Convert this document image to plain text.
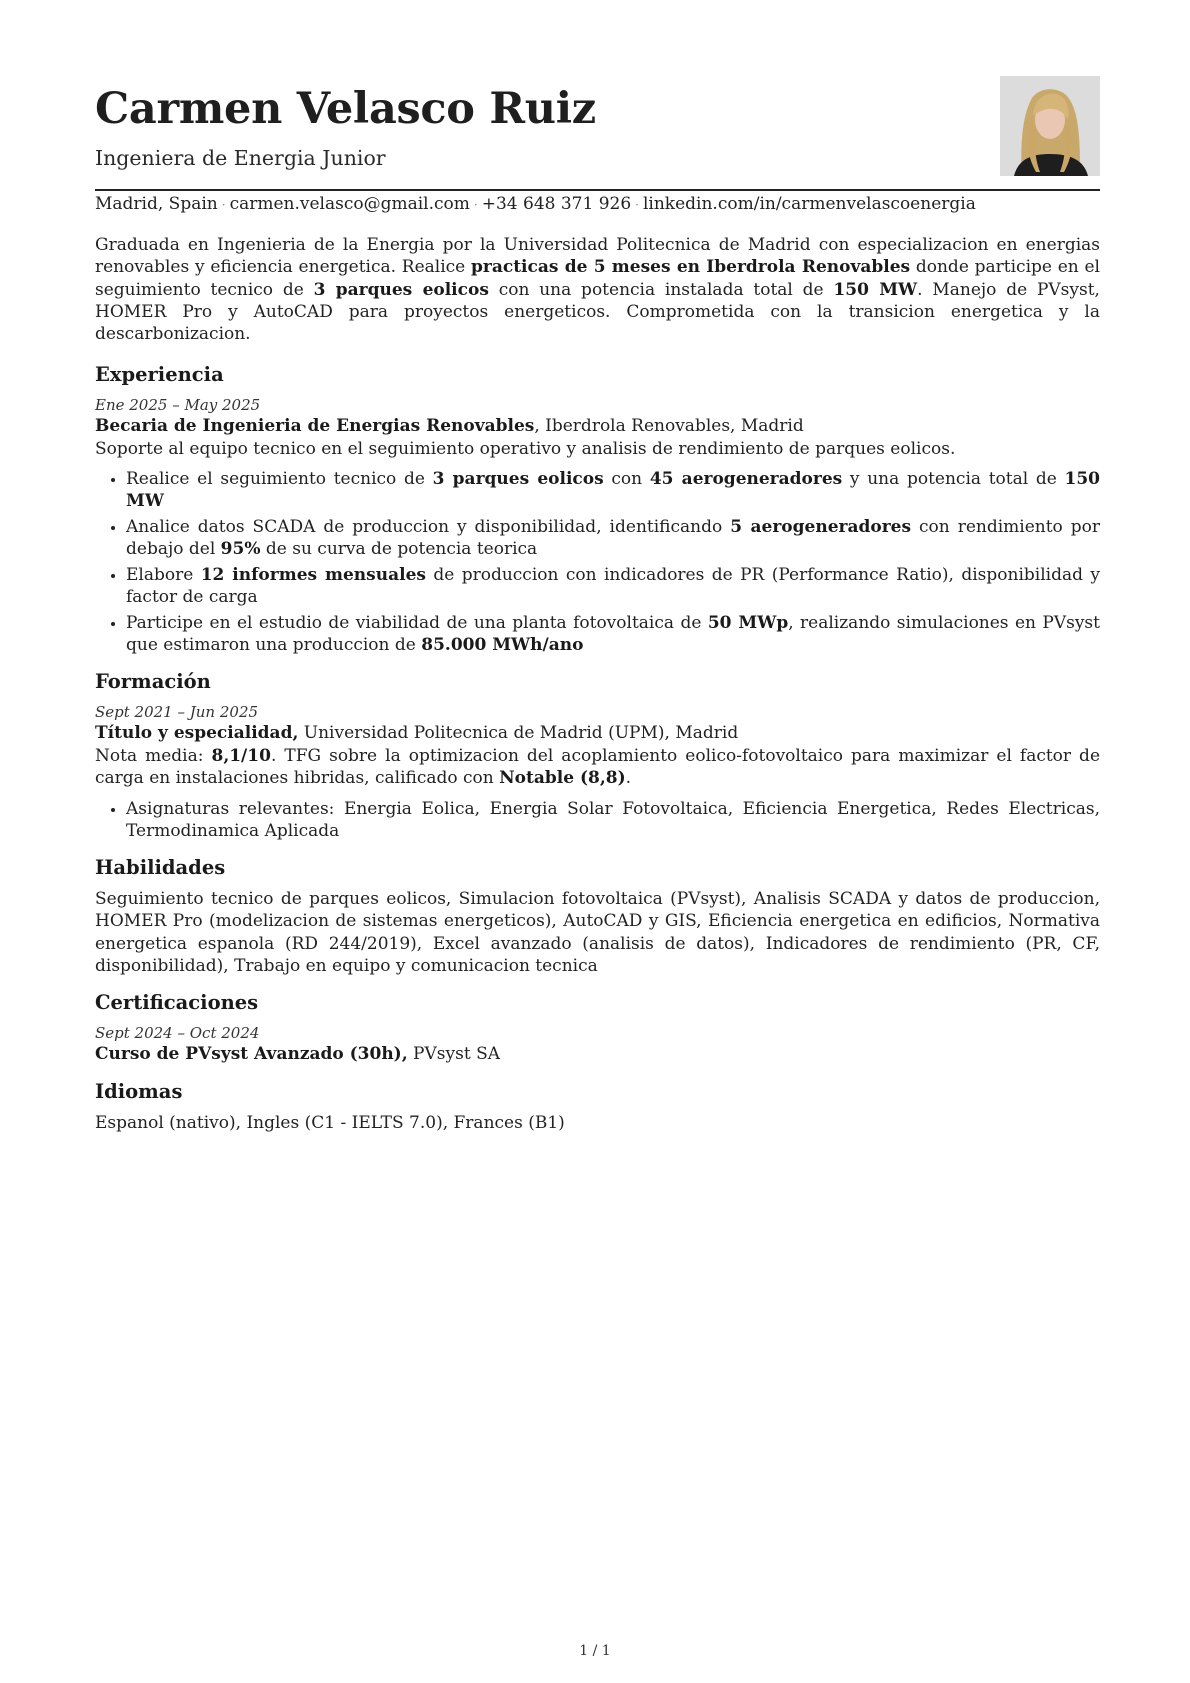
Carmen Velasco Ruiz
Ingeniera de Energia Junior
Madrid, Spain · carmen.velasco@gmail.com · +34 648 371 926 · linkedin.com/in/carmenvelascoenergia

Graduada en Ingenieria de la Energia por la Universidad Politecnica de Madrid con especializacion en energias renovables y eficiencia energetica. Realice practicas de 5 meses en Iberdrola Renovables donde participe en el seguimiento tecnico de 3 parques eolicos con una potencia instalada total de 150 MW. Manejo de PVsyst, HOMER Pro y AutoCAD para proyectos energeticos. Comprometida con la transicion energetica y la descarbonizacion.

Experiencia
Ene 2025 – May 2025
Becaria de Ingenieria de Energias Renovables, Iberdrola Renovables, Madrid
Soporte al equipo tecnico en el seguimiento operativo y analisis de rendimiento de parques eolicos.
• Realice el seguimiento tecnico de 3 parques eolicos con 45 aerogeneradores y una potencia total de 150 MW
• Analice datos SCADA de produccion y disponibilidad, identificando 5 aerogeneradores con rendimiento por debajo del 95% de su curva de potencia teorica
• Elabore 12 informes mensuales de produccion con indicadores de PR (Performance Ratio), disponibilidad y factor de carga
• Participe en el estudio de viabilidad de una planta fotovoltaica de 50 MWp, realizando simulaciones en PVsyst que estimaron una produccion de 85.000 MWh/ano
Formación
Sept 2021 – Jun 2025
Título y especialidad, Universidad Politecnica de Madrid (UPM), Madrid
Nota media: 8,1/10. TFG sobre la optimizacion del acoplamiento eolico-fotovoltaico para maximizar el factor de carga en instalaciones hibridas, calificado con Notable (8,8).
• Asignaturas relevantes: Energia Eolica, Energia Solar Fotovoltaica, Eficiencia Energetica, Redes Electricas, Termodinamica Aplicada
Habilidades
Seguimiento tecnico de parques eolicos, Simulacion fotovoltaica (PVsyst), Analisis SCADA y datos de produccion, HOMER Pro (modelizacion de sistemas energeticos), AutoCAD y GIS, Eficiencia energetica en edificios, Normativa energetica espanola (RD 244/2019), Excel avanzado (analisis de datos), Indicadores de rendimiento (PR, CF, disponibilidad), Trabajo en equipo y comunicacion tecnica
Certificaciones
Sept 2024 – Oct 2024
Curso de PVsyst Avanzado (30h), PVsyst SA
Idiomas
Espanol (nativo), Ingles (C1 - IELTS 7.0), Frances (B1)
1 / 1
